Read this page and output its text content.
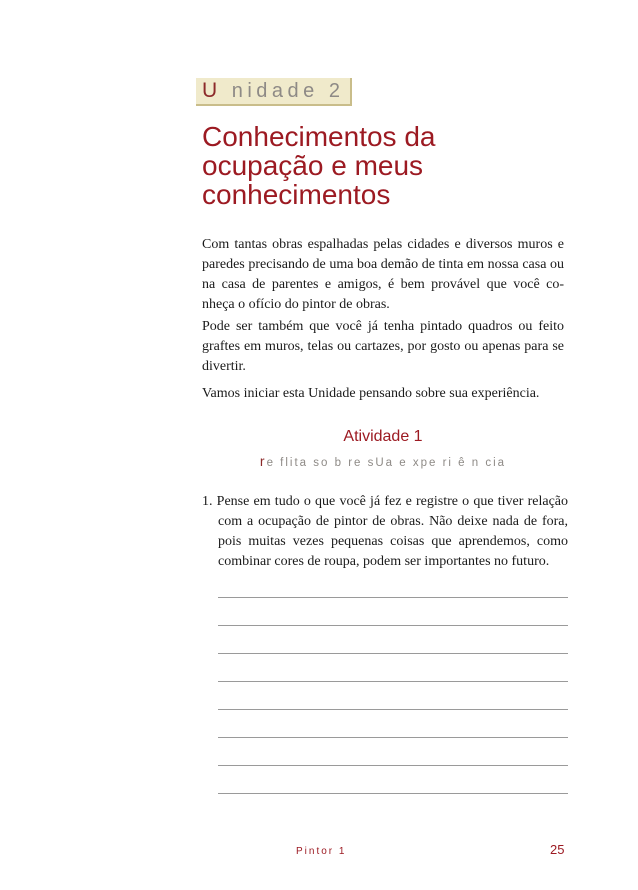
U nidade 2
Conhecimentos da
ocupação e meus
conhecimentos

Com tantas obras espalhadas pelas cidades e diversos muros e paredes precisando de uma boa demão de tinta em nossa casa ou na casa de parentes e amigos, é bem provável que você co-nheça o ofício do pintor de obras.

Pode ser também que você já tenha pintado quadros ou feito graftes em muros, telas ou cartazes, por gosto ou apenas para se divertir.

Vamos iniciar esta Unidade pensando sobre sua experiência.

Atividade 1
re flita so b re sUa e xpe ri ê n cia

1. Pense em tudo o que você já fez e registre o que tiver relação com a ocupação de pintor de obras. Não deixe nada de fora, pois muitas vezes pequenas coisas que aprendemos, como combinar cores de roupa, podem ser importantes no futuro.

Pintor 1	25
